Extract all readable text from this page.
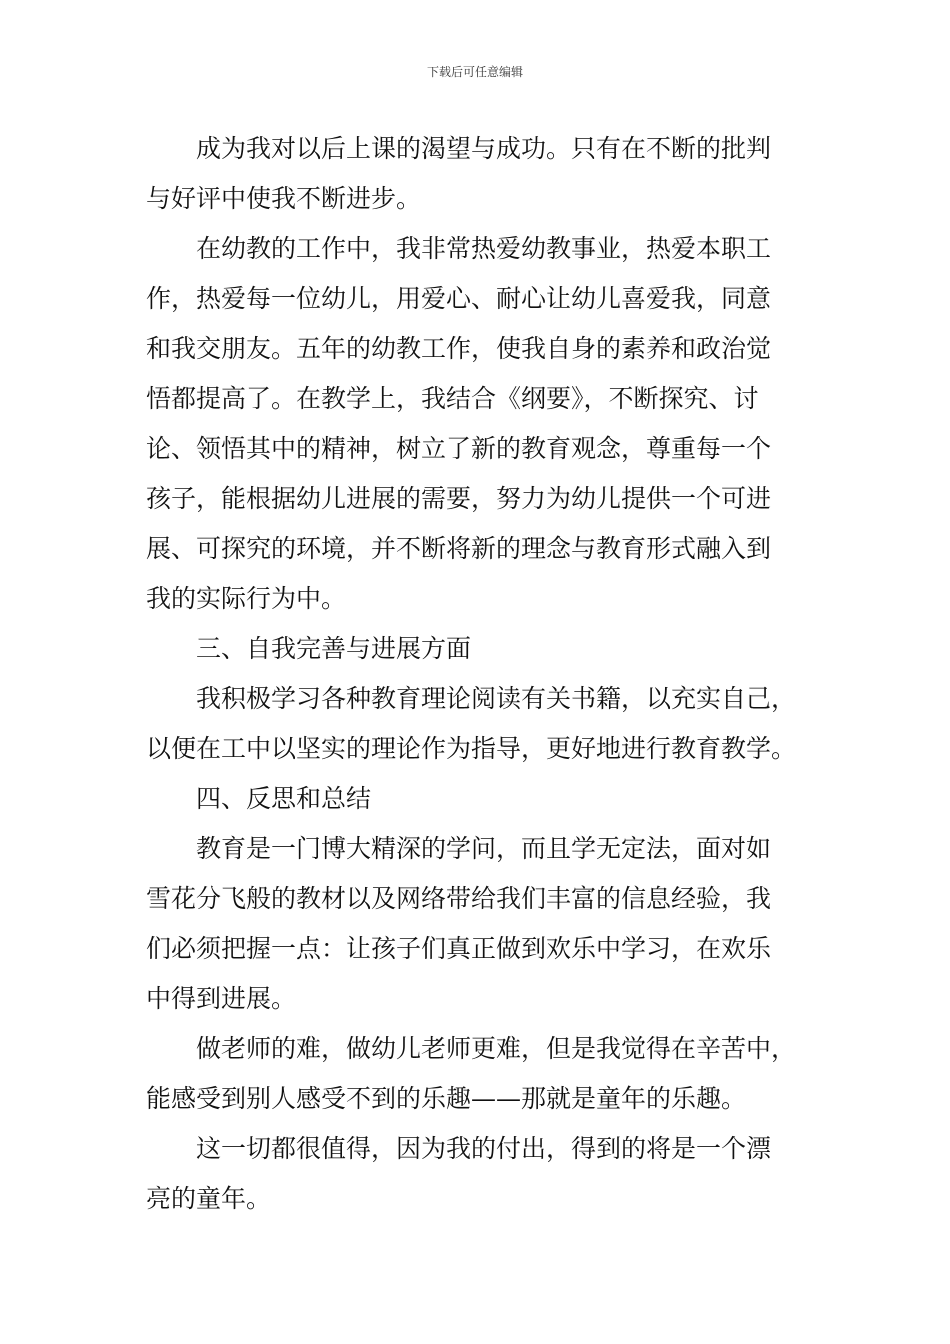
下载后可任意编辑
成为我对以后上课的渴望与成功。只有在不断的批判
与好评中使我不断进步。
在幼教的工作中，我非常热爱幼教事业，热爱本职工
作，热爱每一位幼儿，用爱心、耐心让幼儿喜爱我，同意
和我交朋友。五年的幼教工作，使我自身的素养和政治觉
悟都提高了。在教学上，我结合《纲要》，不断探究、讨
论、领悟其中的精神，树立了新的教育观念，尊重每一个
孩子，能根据幼儿进展的需要，努力为幼儿提供一个可进
展、可探究的环境，并不断将新的理念与教育形式融入到
我的实际行为中。
三、自我完善与进展方面
我积极学习各种教育理论阅读有关书籍，以充实自己，
以便在工中以坚实的理论作为指导，更好地进行教育教学。
四、反思和总结
教育是一门博大精深的学问，而且学无定法，面对如
雪花分飞般的教材以及网络带给我们丰富的信息经验，我
们必须把握一点：让孩子们真正做到欢乐中学习，在欢乐
中得到进展。
做老师的难，做幼儿老师更难，但是我觉得在辛苦中，
能感受到别人感受不到的乐趣——那就是童年的乐趣。
这一切都很值得，因为我的付出，得到的将是一个漂
亮的童年。
